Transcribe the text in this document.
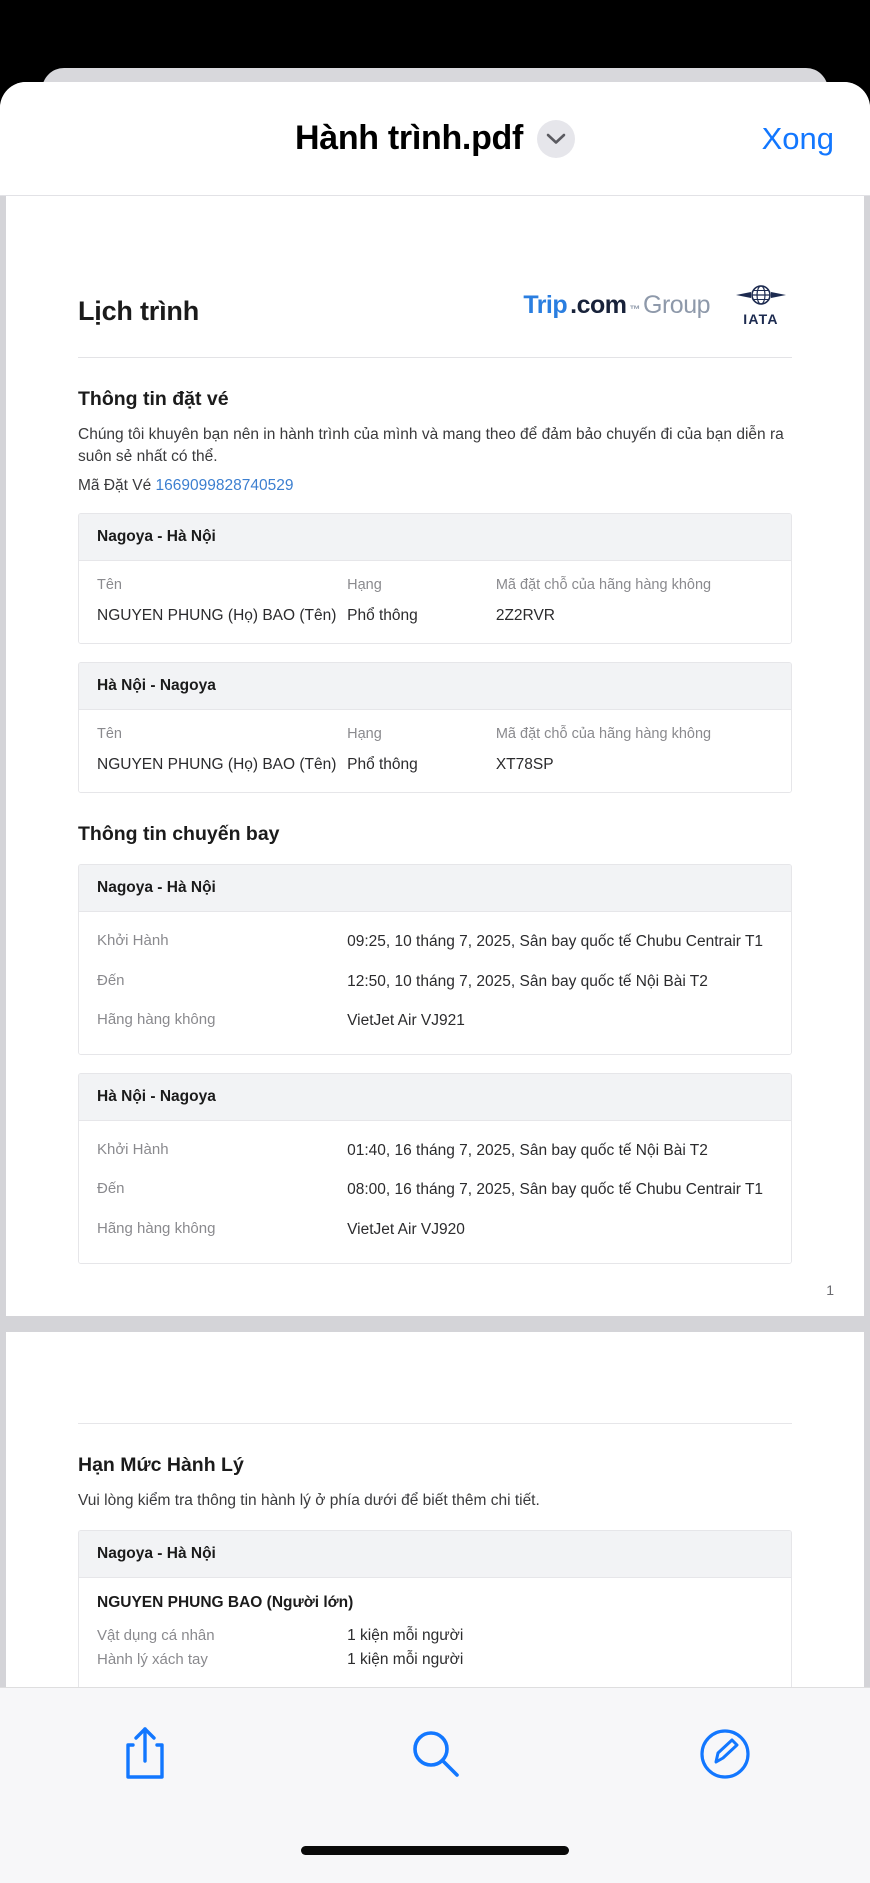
Hành trình.pdf	Xong
Lịch trình	Trip .com ™ Group IATA
Thông tin đặt vé

Chúng tôi khuyên bạn nên in hành trình của mình và mang theo để đảm bảo chuyến đi của bạn diễn ra suôn sẻ nhất có thể.

Mã Đặt Vé 1669099828740529
Nagoya - Hà Nội
Tên	Hạng	Mã đặt chỗ của hãng hàng không
NGUYEN PHUNG (Họ) BAO (Tên)	Phổ thông	2Z2RVR
Hà Nội - Nagoya
Tên	Hạng	Mã đặt chỗ của hãng hàng không
NGUYEN PHUNG (Họ) BAO (Tên)	Phổ thông	XT78SP
Thông tin chuyến bay
Nagoya - Hà Nội
Khởi Hành	09:25, 10 tháng 7, 2025, Sân bay quốc tế Chubu Centrair T1
Đến	12:50, 10 tháng 7, 2025, Sân bay quốc tế Nội Bài T2
Hãng hàng không	VietJet Air VJ921
Hà Nội - Nagoya
Khởi Hành	01:40, 16 tháng 7, 2025, Sân bay quốc tế Nội Bài T2
Đến	08:00, 16 tháng 7, 2025, Sân bay quốc tế Chubu Centrair T1
Hãng hàng không	VietJet Air VJ920
1
Hạn Mức Hành Lý

Vui lòng kiểm tra thông tin hành lý ở phía dưới để biết thêm chi tiết.

Nagoya - Hà Nội
NGUYEN PHUNG BAO (Người lớn)
Vật dụng cá nhân	1 kiện mỗi người
Hành lý xách tay	1 kiện mỗi người
